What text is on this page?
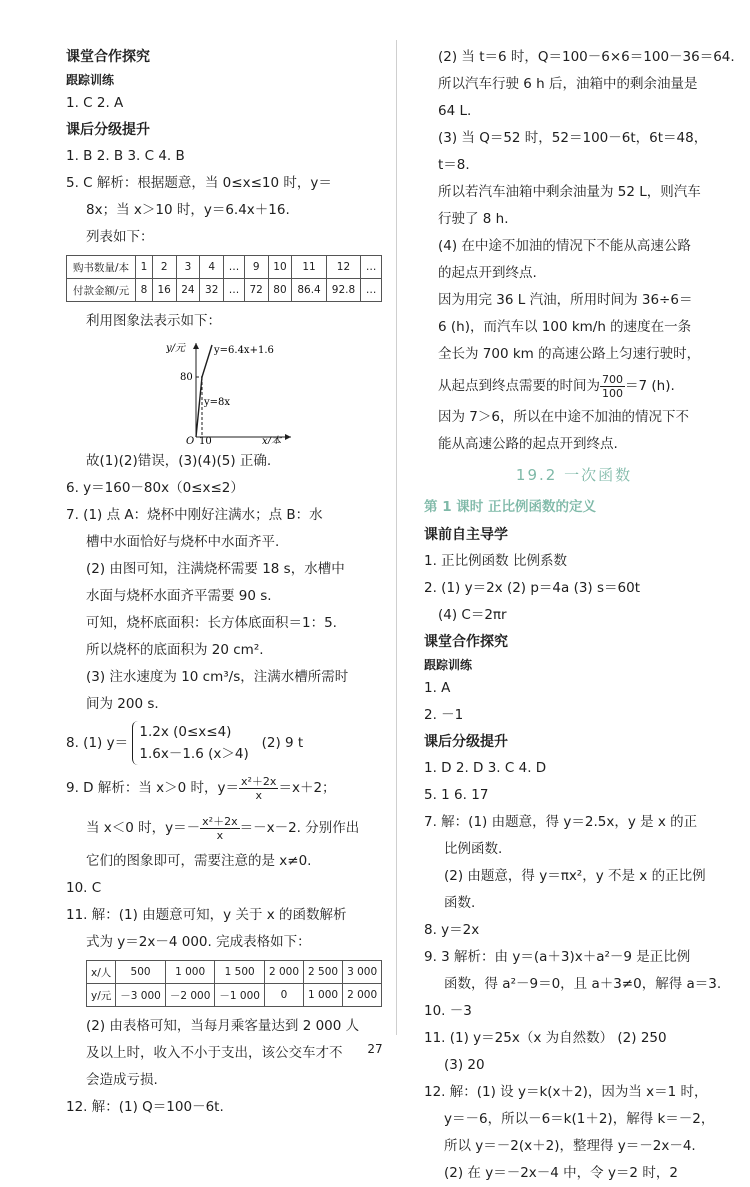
课堂合作探究

跟踪训练

1. C 2. A

课后分级提升

1. B 2. B 3. C 4. B

5. C 解析：根据题意，当 0≤x≤10 时，y＝

8x；当 x＞10 时，y＝6.4x＋16.

列表如下：

购书数量/本	1	2	3	4	…	9	10	11	12	…
付款金额/元	8	16	24	32	…	72	80	86.4	92.8	…

利用图象法表示如下：

y/元	y=6.4x+1.6
80
y=8x
O 10	x/本

故(1)(2)错误，(3)(4)(5) 正确.

6. y＝160－80x（0≤x≤2）

7. (1) 点 A：烧杯中刚好注满水；点 B：水

槽中水面恰好与烧杯中水面齐平.

(2) 由图可知，注满烧杯需要 18 s，水槽中

水面与烧杯水面齐平需要 90 s.

可知，烧杯底面积：长方体底面积＝1：5.

所以烧杯的底面积为 20 cm².

(3) 注水速度为 10 cm³/s，注满水槽所需时

间为 200 s.

8. (1) y＝
1.2x (0≤x≤4)
1.6x－1.6 (x＞4)
(2) 9 t

9. D 解析：当 x＞0 时，$y= \frac{\text{x²＋2x}}{x} =x+2$；

当 x＜0 时，$y=- \frac{\text{x²＋2x}}{x} =-x-2$. 分别作出

它们的图象即可，需要注意的是 x≠0.

10. C

11. 解：(1) 由题意可知，y 关于 x 的函数解析

式为 y＝2x－4 000. 完成表格如下：

x/人	500	1 000	1 500	2 000	2 500	3 000
y/元	－3 000	－2 000	－1 000	0	1 000	2 000

(2) 由表格可知，当每月乘客量达到 2 000 人

及以上时，收入不小于支出，该公交车才不

会造成亏损.

12. 解：(1) Q＝100－6t.

(2) 当 t＝6 时，Q＝100－6×6＝100－36＝64.

所以汽车行驶 6 h 后，油箱中的剩余油量是

64 L.

(3) 当 Q＝52 时，52＝100－6t，6t＝48，

t＝8.

所以若汽车油箱中剩余油量为 52 L，则汽车

行驶了 8 h.

(4) 在中途不加油的情况下不能从高速公路

的起点开到终点.

因为用完 36 L 汽油，所用时间为 36÷6＝

6 (h)，而汽车以 100 km/h 的速度在一条

全长为 700 km 的高速公路上匀速行驶时，

从起点到终点需要的时间为 $\frac{700}{100} =7$ (h).

因为 7＞6，所以在中途不加油的情况下不

能从高速公路的起点开到终点.

19.2 一次函数

第 1 课时 正比例函数的定义

课前自主导学

1. 正比例函数 比例系数

2. (1) y＝2x (2) p＝4a (3) s＝60t

(4) C＝2πr

课堂合作探究

跟踪训练

1. A

2. －1

课后分级提升

1. D 2. D 3. C 4. D

5. 1 6. 17

7. 解：(1) 由题意，得 y＝2.5x，y 是 x 的正

比例函数.

(2) 由题意，得 y＝πx²，y 不是 x 的正比例

函数.

8. y＝2x

9. 3 解析：由 y＝(a＋3)x＋a²－9 是正比例

函数，得 a²－9＝0，且 a＋3≠0，解得 a＝3.

10. －3

11. (1) y＝25x（x 为自然数） (2) 250

(3) 20

12. 解：(1) 设 y＝k(x＋2)，因为当 x＝1 时，

y＝－6，所以－6＝k(1＋2)，解得 k＝－2，

所以 y＝－2(x＋2)，整理得 y＝－2x－4.

(2) 在 y＝－2x－4 中，令 y＝2 时，2

27
